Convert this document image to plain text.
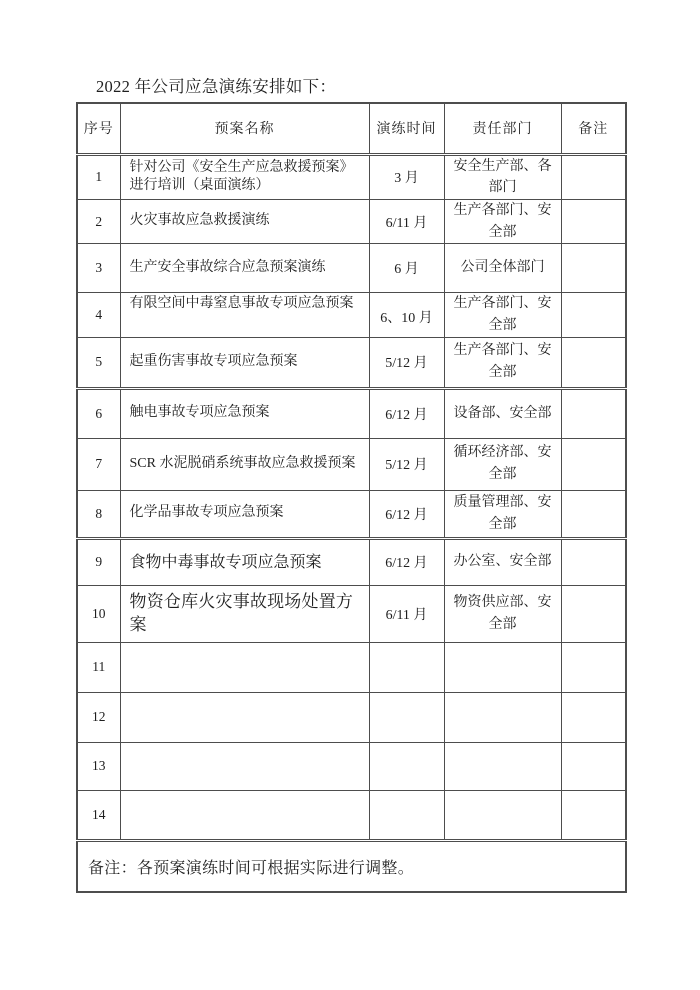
2022 年公司应急演练安排如下：
序号	预案名称	演练时间	责任部门	备注
1	针对公司《安全生产应急救援预案》进行培训（桌面演练）	3 月	安全生产部、各部门	
2	火灾事故应急救援演练	6/11 月	生产各部门、安全部	
3	生产安全事故综合应急预案演练	6 月	公司全体部门	
4	有限空间中毒窒息事故专项应急预案	6、10 月	生产各部门、安全部	
5	起重伤害事故专项应急预案	5/12 月	生产各部门、安全部	
6	触电事故专项应急预案	6/12 月	设备部、安全部	
7	SCR 水泥脱硝系统事故应急救援预案	5/12 月	循环经济部、安全部	
8	化学品事故专项应急预案	6/12 月	质量管理部、安全部	
9	食物中毒事故专项应急预案	6/12 月	办公室、安全部	
10	物资仓库火灾事故现场处置方案	6/11 月	物资供应部、安全部	
11				
12				
13				
14				
备注：各预案演练时间可根据实际进行调整。				
